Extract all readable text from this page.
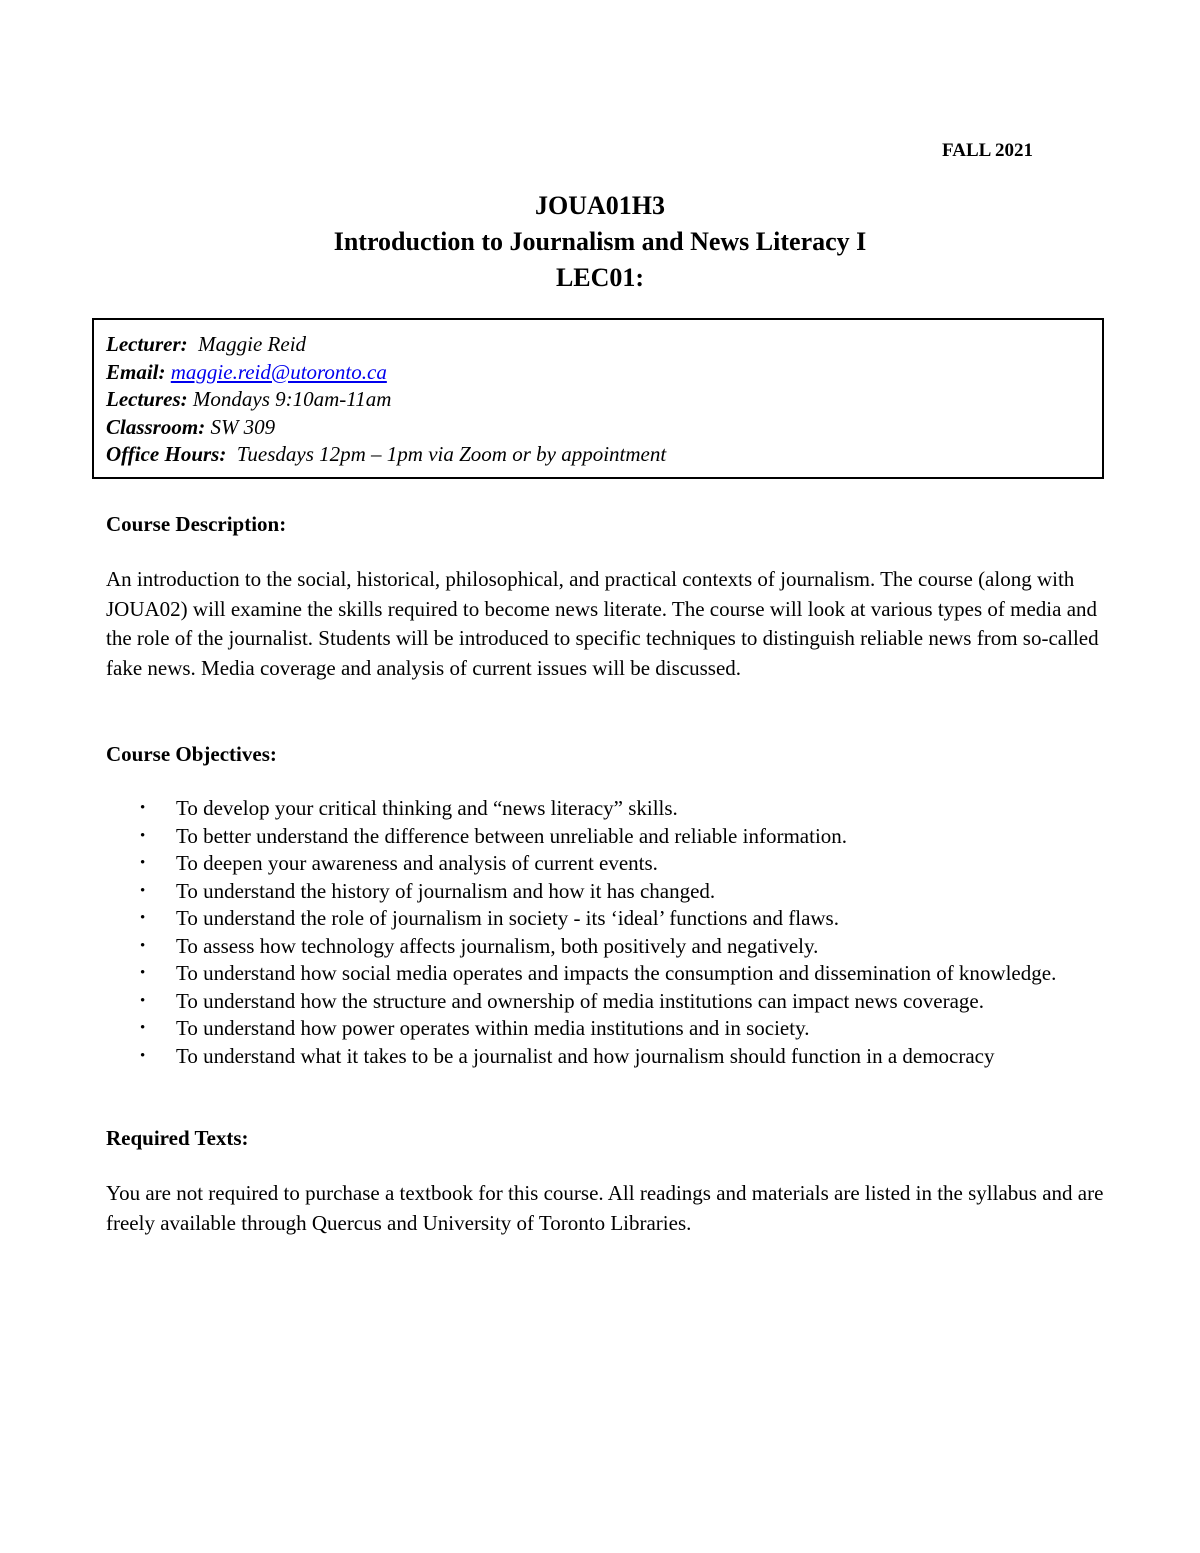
FALL 2021
JOUA01H3
Introduction to Journalism and News Literacy I
LEC01:
Lecturer: Maggie Reid
Email: maggie.reid@utoronto.ca
Lectures: Mondays 9:10am-11am
Classroom: SW 309
Office Hours: Tuesdays 12pm – 1pm via Zoom or by appointment
Course Description:
An introduction to the social, historical, philosophical, and practical contexts of journalism. The course (along with JOUA02) will examine the skills required to become news literate. The course will look at various types of media and the role of the journalist. Students will be introduced to specific techniques to distinguish reliable news from so-called fake news. Media coverage and analysis of current issues will be discussed.
Course Objectives:
• To develop your critical thinking and “news literacy” skills.
• To better understand the difference between unreliable and reliable information.
• To deepen your awareness and analysis of current events.
• To understand the history of journalism and how it has changed.
• To understand the role of journalism in society - its ‘ideal’ functions and flaws.
• To assess how technology affects journalism, both positively and negatively.
• To understand how social media operates and impacts the consumption and dissemination of knowledge.
• To understand how the structure and ownership of media institutions can impact news coverage.
• To understand how power operates within media institutions and in society.
• To understand what it takes to be a journalist and how journalism should function in a democracy
Required Texts:
You are not required to purchase a textbook for this course. All readings and materials are listed in the syllabus and are freely available through Quercus and University of Toronto Libraries.
